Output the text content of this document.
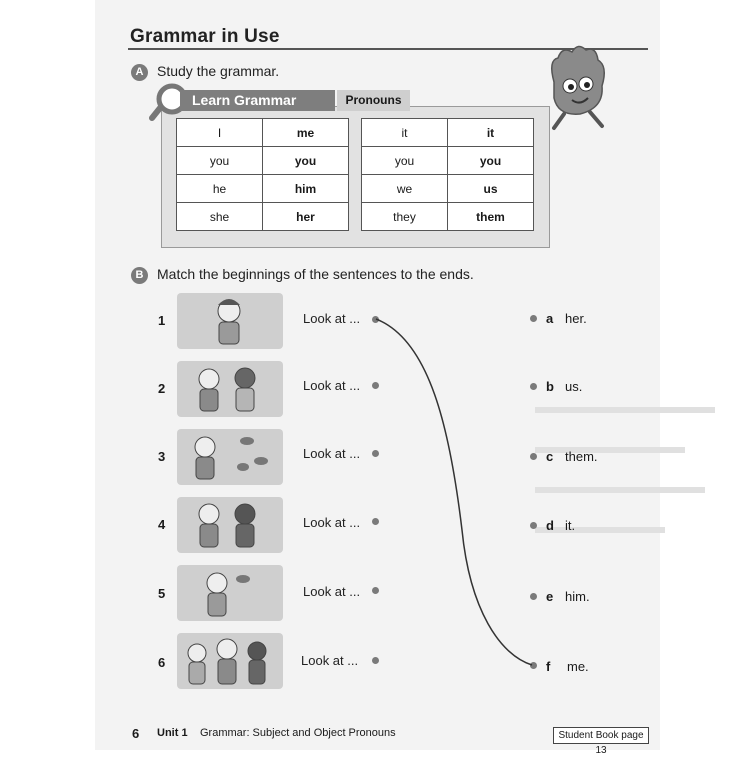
Grammar in Use
A Study the grammar.
Learn Grammar	Pronouns
I	me
you	you
he	him
she	her
it	it
you	you
we	us
they	them
B Match the beginnings of the sentences to the ends.
1	Look at ...	a her.
2	Look at ...	b us.
3	Look at ...	c them.
4	Look at ...	d it.
5	Look at ...	e him.
6	Look at ...	f me.
6 Unit 1 Grammar: Subject and Object Pronouns	Student Book page 13
